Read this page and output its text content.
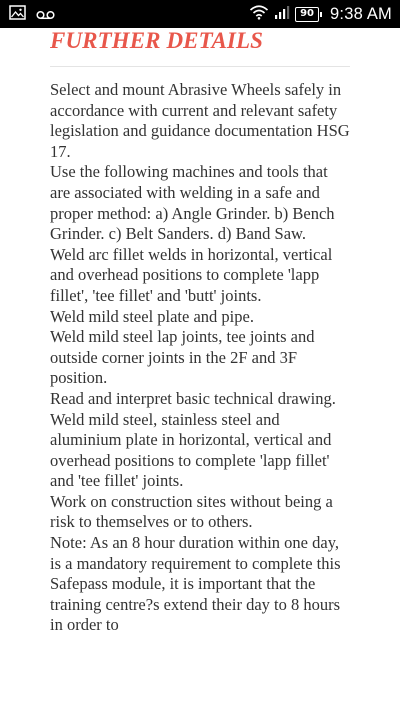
90 9:38 AM
FURTHER DETAILS

Select and mount Abrasive Wheels safely in accordance with current and relevant safety legislation and guidance documentation HSG 17.

Use the following machines and tools that are associated with welding in a safe and proper method: a) Angle Grinder. b) Bench Grinder. c) Belt Sanders. d) Band Saw.

Weld arc fillet welds in horizontal, vertical and overhead positions to complete 'lapp fillet', 'tee fillet' and 'butt' joints.

Weld mild steel plate and pipe.

Weld mild steel lap joints, tee joints and outside corner joints in the 2F and 3F position.

Read and interpret basic technical drawing.

Weld mild steel, stainless steel and aluminium plate in horizontal, vertical and overhead positions to complete 'lapp fillet' and 'tee fillet' joints.

Work on construction sites without being a risk to themselves or to others.

Note: As an 8 hour duration within one day, is a mandatory requirement to complete this Safepass module, it is important that the training centre?s extend their day to 8 hours in order to
